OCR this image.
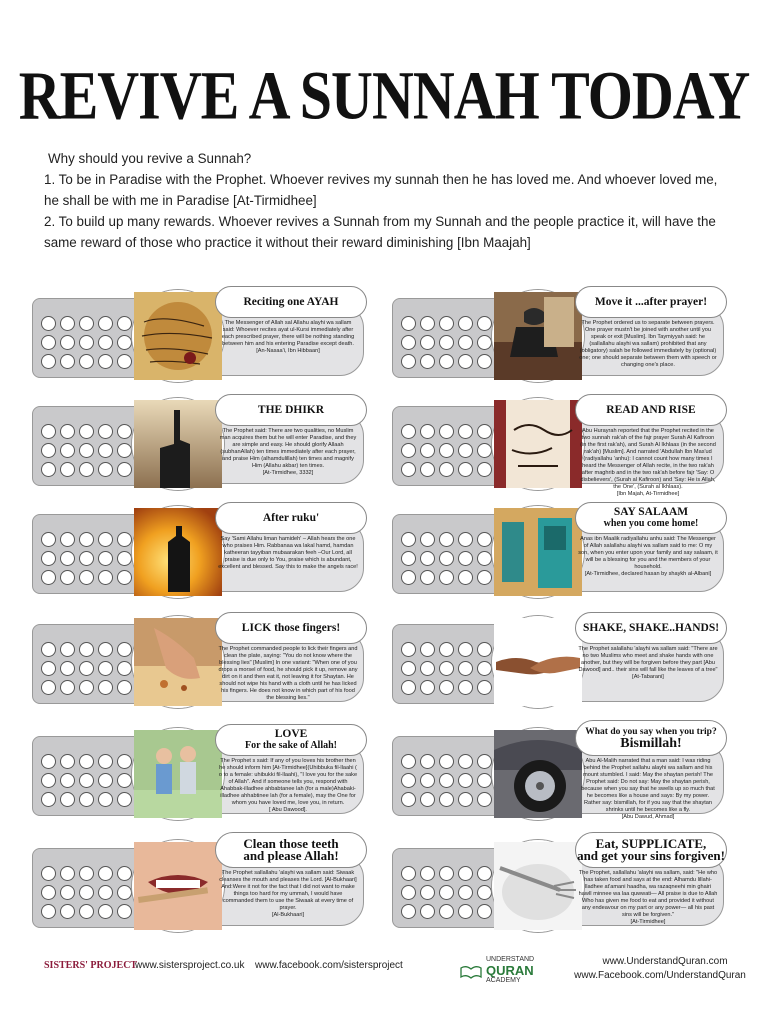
REVIVE A SUNNAH TODAY
Why should you revive a Sunnah?
1. To be in Paradise with the Prophet. Whoever revives my sunnah then he has loved me. And whoever loved me,
he shall be with me in Paradise [At-Tirmidhee]
2. To build up many rewards. Whoever revives a Sunnah from my Sunnah and the people practice it, will have the
same reward of those who practice it without their reward diminishing [Ibn Maajah]
Reciting one AYAH
The Messenger of Allah sal Allahu alayhi wa sallam said: Whoever recites ayat ul-Kursi immediately after each prescribed prayer, there will be nothing standing between him and his entering Paradise except death.
[An-Nasaa'i, Ibn Hibbaan]
Move it ...after prayer!
The Prophet ordered us to separate between prayers. One prayer mustn't be joined with another until you speak or exit [Muslim]. Ibn Taymiyyah said: he (sallallahu alayhi wa sallam) prohibited that any (obligatory) salah be followed immediately by (optional) one; one should separate between them with speech or changing one's place.
THE DHIKR
The Prophet said: There are two qualities, no Muslim man acquires them but he will enter Paradise, and they are simple and easy. He should glorify Allaah (subhanAllah) ten times immediately after each prayer, and praise Him (alhamdulillah) ten times and magnify Him (Allahu akbar) ten times.
[At-Tirmidhee, 3332]
READ AND RISE
Abu Hurayrah reported that the Prophet recited in the two sunnah rak'ah of the fajr prayer Surah Al Kafiroon (in the first rak'ah), and Surah Al Ikhlaas (in the second rak'ah) [Muslim]. And narrated 'Abdullah Ibn Mas'ud (radiyallahu 'anhu): I cannot count how many times I heard the Messenger of Allah recite, in the two rak'ah after maghrib and in the two rak'ah before fajr 'Say: O disbelievers', (Surah al Kafiroon) and 'Say: He is Allah, the One', (Surah al Ikhlaas).
[Ibn Majah, At-Tirmidhee]
After ruku'
Say 'Sami Allahu liman hamideh' – Allah hears the one who praises Him. Rabbanaa wa lakal hamd, hamdan katheeran tayyiban mubaarakan feeh –Our Lord, all praise is due only to You, praise which is abundant, excellent and blessed. Say this to make the angels race!
SAY SALAAM
when you come home!
Anas ibn Maalik radiyallahu anhu said: The Messenger of Allah salallahu alayhi wa sallam said to me: O my son, when you enter upon your family and say salaam, it will be a blessing for you and the members of your household.
[At-Tirmidhee, declared hasan by shaykh al-Albani]
LICK those fingers!
The Prophet commanded people to lick their fingers and clean the plate, saying: "You do not know where the blessing lies" [Muslim] In one variant: "When one of you drops a morsel of food, he should pick it up, remove any dirt on it and then eat it, not leaving it for Shaytan. He should not wipe his hand with a cloth until he has licked his fingers. He does not know in which part of his food the blessing lies."
SHAKE, SHAKE..HANDS!
The Prophet salallahu 'alayhi wa sallam said: "There are no two Muslims who meet and shake hands with one another, but they will be forgiven before they part [Abu Dawood] and.. their sins will fall like the leaves of a tree"
[At-Tabarani]
LOVE
For the sake of Allah!
The Prophet s said: If any of you loves his brother then he should inform him [At-Tirmidhee](Uhibbuka fil-llaahi ( o to a female: uhibukki fil-llaahi), "I love you for the sake of Allah". And if someone tells you, respond with Ahabbak-illadhee ahbabtanee lah (for a male)Ahabaki-illadhee ahhabtinee lah (for a female), may the One for whom you have loved me, love you, in return.
[ Abu Dawood].
What do you say when you trip?
Bismillah!
Abu Al-Malih narrated that a man said: I was riding behind the Prophet sallahu alayhi wa sallam and his mount stumbled. I said: May the shaytan perish! The Prophet said: Do not say: May the shaytan perish, because when you say that he swells up so much that he becomes like a house and says: By my power. Rather say: bismillah, for if you say that the shaytan shrinks until he becomes like a fly.
[Abu Dawud, Ahmad]
Clean those teeth
and please Allah!
The Prophet sallallahu 'alayhi wa sallam said: Siwaak cleanses the mouth and pleases the Lord. [Al-Bukhaari] And:Were it not for the fact that I did not want to make things too hard for my ummah, I would have commanded them to use the Siwaak at every time of prayer.
[Al-Bukhaari]
Eat, SUPPLICATE,
and get your sins forgiven!
The Prophet, sallallahu 'alayhi wa sallam, said: "He who has taken food and says at the end: Alhamdu lillahi-lladhee at'amani haadha, wa razaqneehi min ghairi hawlI minnee wa laa quwwati— All praise is due to Allah Who has given me food to eat and provided it without any endeavour on my part or any power— all his past sins will be forgiven."
[At-Tirmidhee]
SISTERS' PROJECT
www.sistersproject.co.uk www.facebook.com/sistersproject
UNDERSTAND
QURAN
ACADEMY
www.UnderstandQuran.com
www.Facebook.com/UnderstandQuran
